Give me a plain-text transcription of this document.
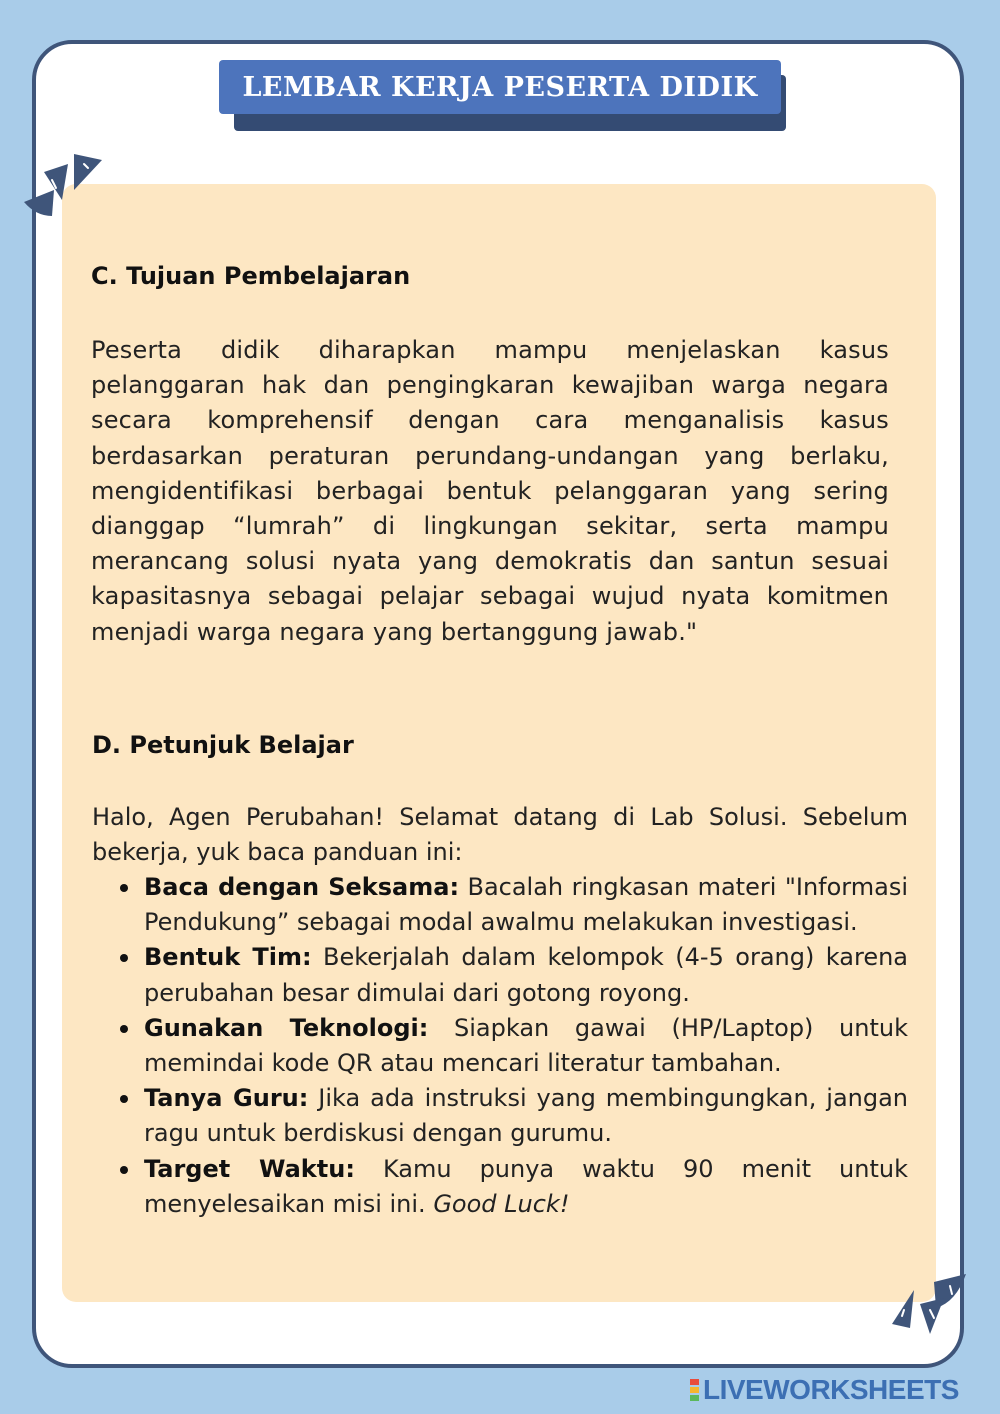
LEMBAR KERJA PESERTA DIDIK
C. Tujuan Pembelajaran

Peserta didik diharapkan mampu menjelaskan kasus pelanggaran hak dan pengingkaran kewajiban warga negara secara komprehensif dengan cara menganalisis kasus berdasarkan peraturan perundang-undangan yang berlaku, mengidentifikasi berbagai bentuk pelanggaran yang sering dianggap “lumrah” di lingkungan sekitar, serta mampu merancang solusi nyata yang demokratis dan santun sesuai kapasitasnya sebagai pelajar sebagai wujud nyata komitmen menjadi warga negara yang bertanggung jawab."

D. Petunjuk Belajar

Halo, Agen Perubahan! Selamat datang di Lab Solusi. Sebelum bekerja, yuk baca panduan ini:

Baca dengan Seksama: Bacalah ringkasan materi "Informasi Pendukung” sebagai modal awalmu melakukan investigasi.
Bentuk Tim: Bekerjalah dalam kelompok (4-5 orang) karena perubahan besar dimulai dari gotong royong.
Gunakan Teknologi: Siapkan gawai (HP/Laptop) untuk memindai kode QR atau mencari literatur tambahan.
Tanya Guru: Jika ada instruksi yang membingungkan, jangan ragu untuk berdiskusi dengan gurumu.
Target Waktu: Kamu punya waktu 90 menit untuk menyelesaikan misi ini. Good Luck!
LIVEWORKSHEETS
